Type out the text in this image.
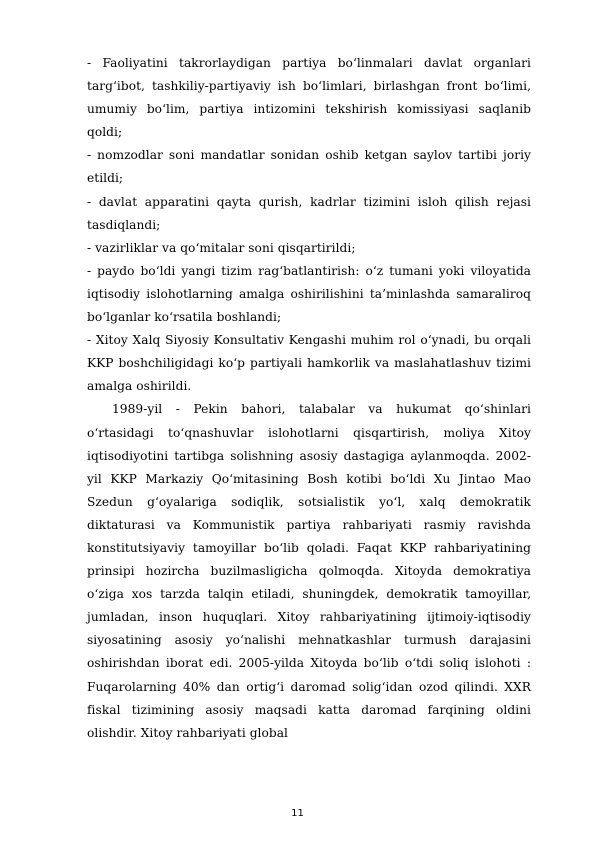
- Faoliyatini takrorlaydigan partiya boʻlinmalari davlat organlari targʻibot, tashkiliy-partiyaviy ish boʻlimlari, birlashgan front boʻlimi, umumiy boʻlim, partiya intizomini tekshirish komissiyasi saqlanib qoldi;

- nomzodlar soni mandatlar sonidan oshib ketgan saylov tartibi joriy etildi;

- davlat apparatini qayta qurish, kadrlar tizimini isloh qilish rejasi tasdiqlandi;

- vazirliklar va qoʻmitalar soni qisqartirildi;

- paydo boʻldi yangi tizim ragʻbatlantirish: oʻz tumani yoki viloyatida iqtisodiy islohotlarning amalga oshirilishini ta’minlashda samaraliroq boʻlganlar koʻrsatila boshlandi;

- Xitoy Xalq Siyosiy Konsultativ Kengashi muhim rol oʻynadi, bu orqali KKP boshchiligidagi koʻp partiyali hamkorlik va maslahatlashuv tizimi amalga oshirildi.

1989-yil - Pekin bahori, talabalar va hukumat qoʻshinlari oʻrtasidagi toʻqnashuvlar islohotlarni qisqartirish, moliya Xitoy iqtisodiyotini tartibga solishning asosiy dastagiga aylanmoqda. 2002-yil KKP Markaziy Qoʻmitasining Bosh kotibi boʻldi Xu Jintao Mao Szedun gʻoyalariga sodiqlik, sotsialistik yoʻl, xalq demokratik diktaturasi va Kommunistik partiya rahbariyati rasmiy ravishda konstitutsiyaviy tamoyillar boʻlib qoladi. Faqat KKP rahbariyatining prinsipi hozircha buzilmasligicha qolmoqda. Xitoyda demokratiya oʻziga xos tarzda talqin etiladi, shuningdek, demokratik tamoyillar, jumladan, inson huquqlari. Xitoy rahbariyatining ijtimoiy-iqtisodiy siyosatining asosiy yoʻnalishi mehnatkashlar turmush darajasini oshirishdan iborat edi. 2005-yilda Xitoyda boʻlib oʻtdi soliq islohoti : Fuqarolarning 40% dan ortigʻi daromad soligʻidan ozod qilindi. XXR fiskal tizimining asosiy maqsadi katta daromad farqining oldini olishdir. Xitoy rahbariyati global

11
